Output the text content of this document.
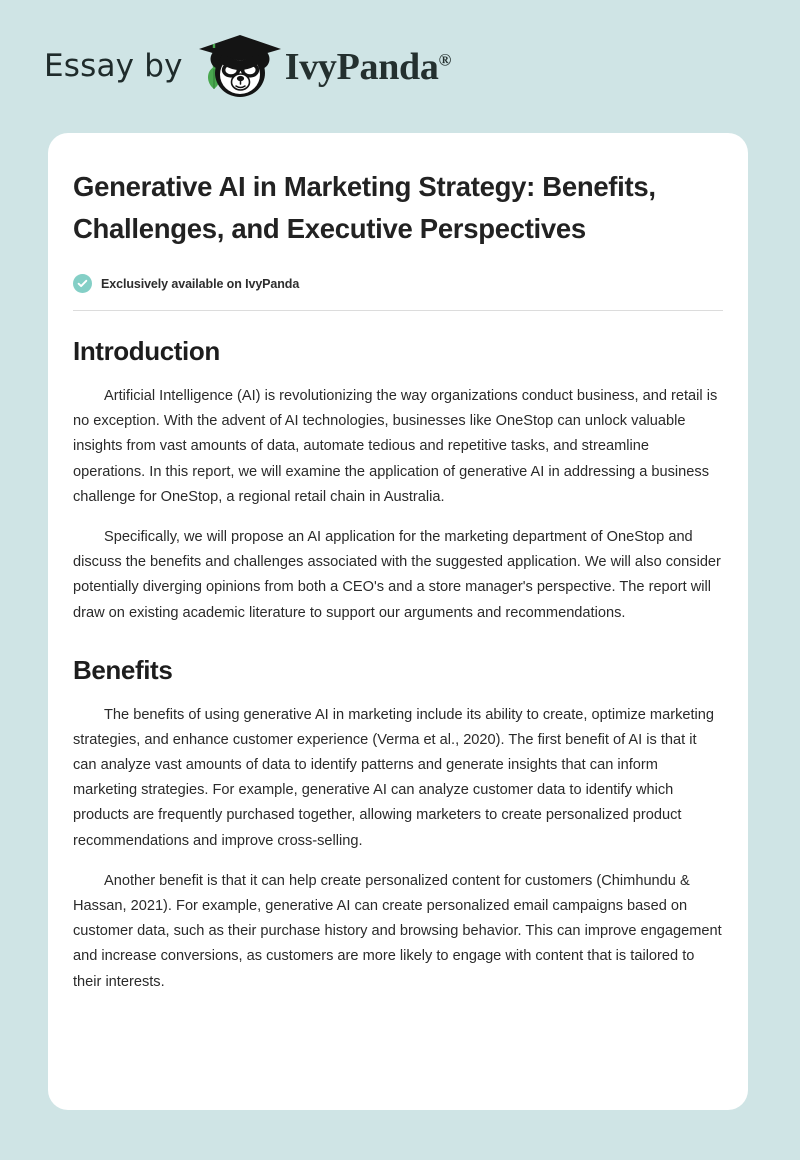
Essay by	IvyPanda®
Generative AI in Marketing Strategy: Benefits, Challenges, and Executive Perspectives
Exclusively available on IvyPanda
Introduction

Artificial Intelligence (AI) is revolutionizing the way organizations conduct business, and retail is no exception. With the advent of AI technologies, businesses like OneStop can unlock valuable insights from vast amounts of data, automate tedious and repetitive tasks, and streamline operations. In this report, we will examine the application of generative AI in addressing a business challenge for OneStop, a regional retail chain in Australia.

Specifically, we will propose an AI application for the marketing department of OneStop and discuss the benefits and challenges associated with the suggested application. We will also consider potentially diverging opinions from both a CEO's and a store manager's perspective. The report will draw on existing academic literature to support our arguments and recommendations.

Benefits

The benefits of using generative AI in marketing include its ability to create, optimize marketing strategies, and enhance customer experience (Verma et al., 2020). The first benefit of AI is that it can analyze vast amounts of data to identify patterns and generate insights that can inform marketing strategies. For example, generative AI can analyze customer data to identify which products are frequently purchased together, allowing marketers to create personalized product recommendations and improve cross-selling.

Another benefit is that it can help create personalized content for customers (Chimhundu & Hassan, 2021). For example, generative AI can create personalized email campaigns based on customer data, such as their purchase history and browsing behavior. This can improve engagement and increase conversions, as customers are more likely to engage with content that is tailored to their interests.
